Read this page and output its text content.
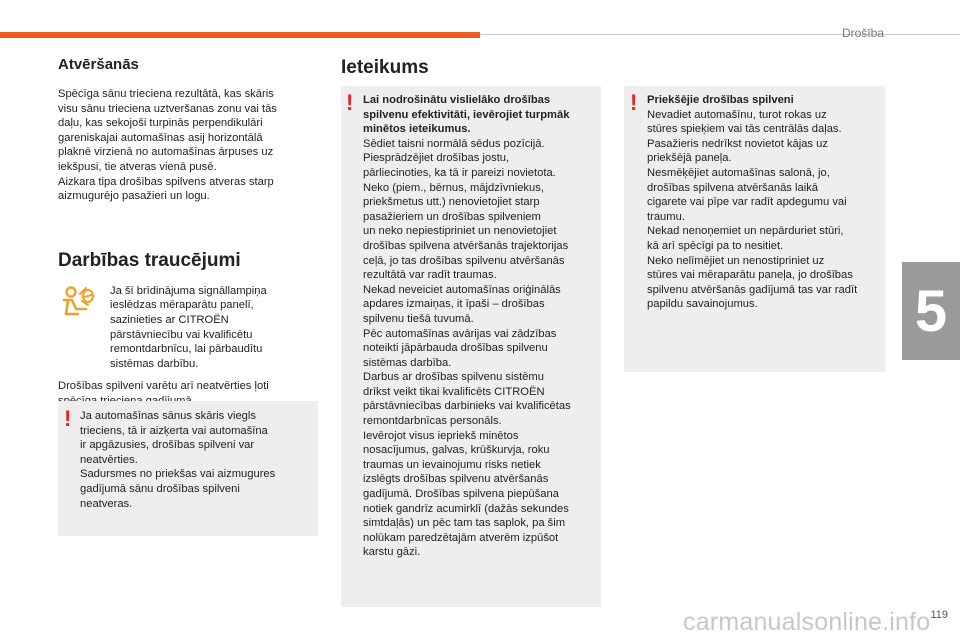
Drošība
5
119
carmanualsonline.info
Atvēršanās

Spēcīga sānu trieciena rezultātā, kas skāris
visu sānu trieciena uztveršanas zonu vai tās
daļu, kas sekojoši turpinās perpendikulāri
gareniskajai automašīnas asij horizontālā
plaknē virzienā no automašīnas ārpuses uz
iekšpusi, tie atveras vienā pusē.
Aizkara tipa drošības spilvens atveras starp
aizmugurējo pasažieri un logu.

Darbības traucējumi

Ja šī brīdinājuma signāllampiņa
ieslēdzas mēraparātu panelī,
sazinieties ar CITROËN
pārstāvniecību vai kvalificētu
remontdarbnīcu, lai pārbaudītu
sistēmas darbību.

Drošības spilveni varētu arī neatvērties ļoti

! Ja automašīnas sānus skāris viegls
trieciens, tā ir aizķerta vai automašīna
ir apgāzusies, drošības spilveni var
neatvērties.
Sadursmes no priekšas vai aizmugures
gadījumā sānu drošības spilveni
neatveras.

Ieteikums
! Lai nodrošinātu vislielāko drošības
spilvenu efektivitāti, ievērojiet turpmāk
minētos ieteikumus.

Sēdiet taisni normālā sēdus pozīcijā.
Piesprādzējiet drošības jostu,
pārliecinoties, ka tā ir pareizi novietota.
Neko (piem., bērnus, mājdzīvniekus,
priekšmetus utt.) nenovietojiet starp
pasažieriem un drošības spilveniem
un neko nepiestipriniet un nenovietojiet
drošības spilvena atvēršanās trajektorijas
ceļā, jo tas drošības spilvenu atvēršanās
rezultātā var radīt traumas.
Nekad neveiciet automašīnas oriģinālās
apdares izmaiņas, it īpaši – drošības
spilvenu tiešā tuvumā.
Pēc automašīnas avārijas vai zādzības
noteikti jāpārbauda drošības spilvenu
sistēmas darbība.
Darbus ar drošības spilvenu sistēmu
drīkst veikt tikai kvalificēts CITROËN
pārstāvniecības darbinieks vai kvalificētas
remontdarbnīcas personāls.
Ievērojot visus iepriekš minētos
nosacījumus, galvas, krūškurvja, roku
traumas un ievainojumu risks netiek
izslēgts drošības spilvenu atvēršanās
gadījumā. Drošības spilvena piepūšana
notiek gandrīz acumirklī (dažās sekundes
simtdaļās) un pēc tam tas saplok, pa šim
nolūkam paredzētajām atverēm izpūšot
karstu gāzi.

! Priekšējie drošības spilveni

Nevadiet automašīnu, turot rokas uz
stūres spieķiem vai tās centrālās daļas.
Pasažieris nedrīkst novietot kājas uz
priekšējā paneļa.
Nesmēķējiet automašīnas salonā, jo,
drošības spilvena atvēršanās laikā
cigarete vai pīpe var radīt apdegumu vai
traumu.
Nekad nenoņemiet un nepārduriet stūri,
kā arī spēcīgi pa to nesitiet.
Neko nelīmējiet un nenostipriniet uz
stūres vai mēraparātu paneļa, jo drošības
spilvenu atvēršanās gadījumā tas var radīt
papildu savainojumus.
